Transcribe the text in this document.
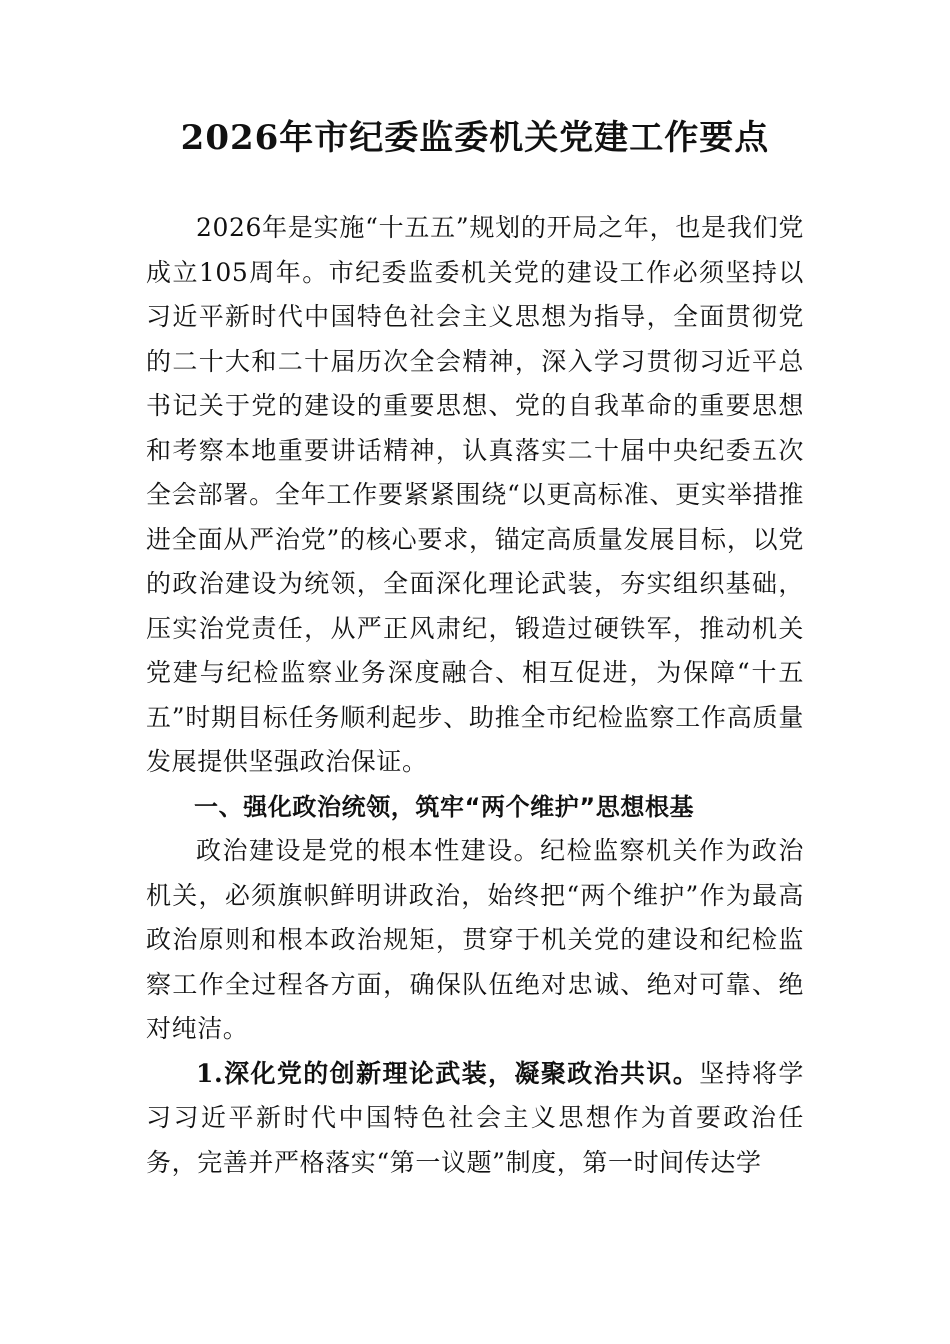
2026年市纪委监委机关党建工作要点

2026年是实施“十五五”规划的开局之年，也是我们党成立105周年。市纪委监委机关党的建设工作必须坚持以习近平新时代中国特色社会主义思想为指导，全面贯彻党的二十大和二十届历次全会精神，深入学习贯彻习近平总书记关于党的建设的重要思想、党的自我革命的重要思想和考察本地重要讲话精神，认真落实二十届中央纪委五次全会部署。全年工作要紧紧围绕“以更高标准、更实举措推进全面从严治党”的核心要求，锚定高质量发展目标，以党的政治建设为统领，全面深化理论武装，夯实组织基础，压实治党责任，从严正风肃纪，锻造过硬铁军，推动机关党建与纪检监察业务深度融合、相互促进，为保障“十五五”时期目标任务顺利起步、助推全市纪检监察工作高质量发展提供坚强政治保证。

一、强化政治统领，筑牢“两个维护”思想根基

政治建设是党的根本性建设。纪检监察机关作为政治机关，必须旗帜鲜明讲政治，始终把“两个维护”作为最高政治原则和根本政治规矩，贯穿于机关党的建设和纪检监察工作全过程各方面，确保队伍绝对忠诚、绝对可靠、绝对纯洁。

1.深化党的创新理论武装，凝聚政治共识。坚持将学习习近平新时代中国特色社会主义思想作为首要政治任务，完善并严格落实“第一议题”制度，第一时间传达学
